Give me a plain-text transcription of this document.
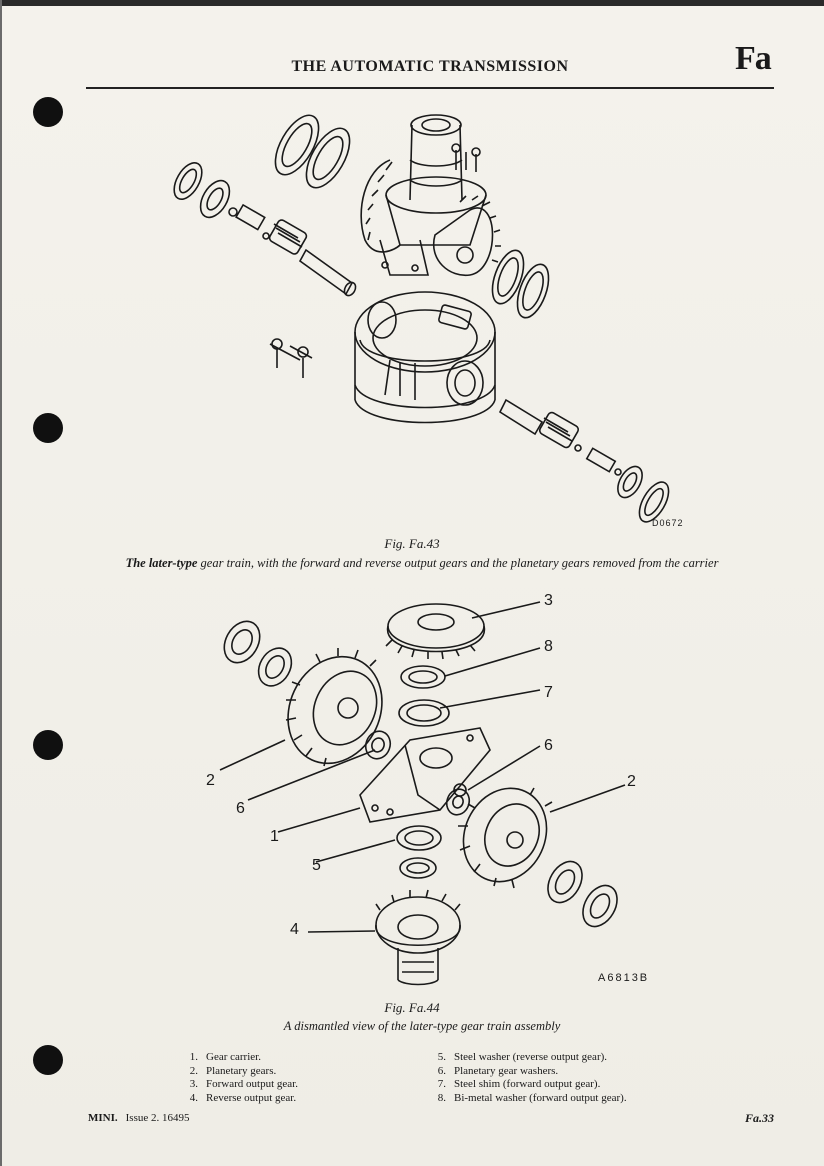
THE AUTOMATIC TRANSMISSION	Fa
D0672
Fig. Fa.43
The later-type gear train, with the forward and reverse output gears and the planetary gears removed from the carrier
3
8
7
6
2
2
6
1
5
4
A6813B
Fig. Fa.44
A dismantled view of the later-type gear train assembly
1. Gear carrier.
2. Planetary gears.
3. Forward output gear.
4. Reverse output gear.
5. Steel washer (reverse output gear).
6. Planetary gear washers.
7. Steel shim (forward output gear).
8. Bi-metal washer (forward output gear).
MINI. Issue 2. 16495	Fa.33
